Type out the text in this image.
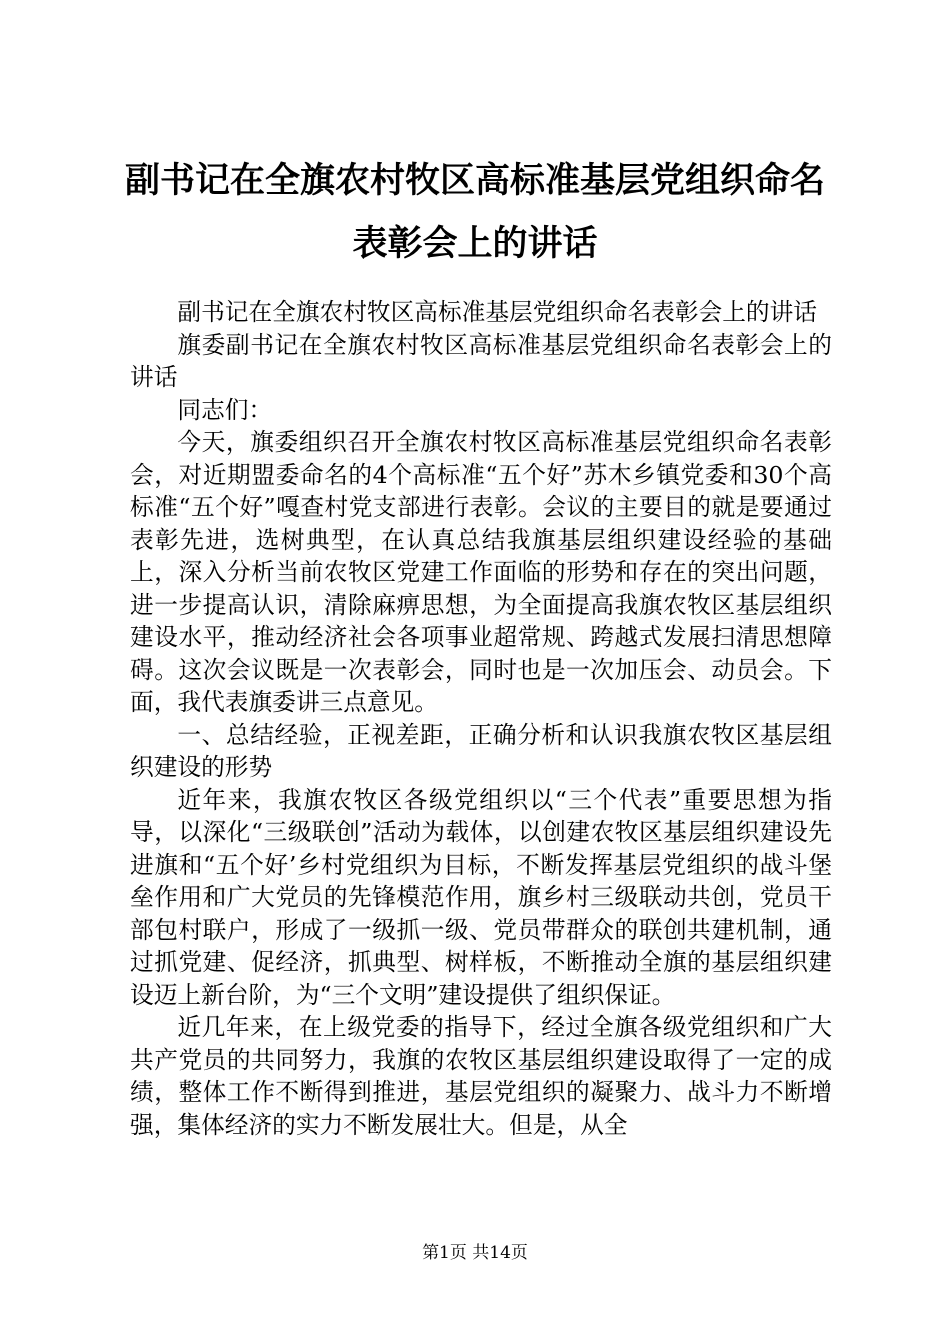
副书记在全旗农村牧区高标准基层党组织命名
表彰会上的讲话

副书记在全旗农村牧区高标准基层党组织命名表彰会上的讲话

旗委副书记在全旗农村牧区高标准基层党组织命名表彰会上的讲话

同志们：

今天，旗委组织召开全旗农村牧区高标准基层党组织命名表彰会，对近期盟委命名的4个高标准“五个好”苏木乡镇党委和30个高标准“五个好”嘎查村党支部进行表彰。会议的主要目的就是要通过表彰先进，选树典型，在认真总结我旗基层组织建设经验的基础上，深入分析当前农牧区党建工作面临的形势和存在的突出问题，进一步提高认识，清除麻痹思想，为全面提高我旗农牧区基层组织建设水平，推动经济社会各项事业超常规、跨越式发展扫清思想障碍。这次会议既是一次表彰会，同时也是一次加压会、动员会。下面，我代表旗委讲三点意见。

一、总结经验，正视差距，正确分析和认识我旗农牧区基层组织建设的形势

近年来，我旗农牧区各级党组织以“三个代表”重要思想为指导，以深化“三级联创”活动为载体，以创建农牧区基层组织建设先进旗和“五个好’乡村党组织为目标，不断发挥基层党组织的战斗堡垒作用和广大党员的先锋模范作用，旗乡村三级联动共创，党员干部包村联户，形成了一级抓一级、党员带群众的联创共建机制，通过抓党建、促经济，抓典型、树样板，不断推动全旗的基层组织建设迈上新台阶，为“三个文明”建设提供了组织保证。

近几年来，在上级党委的指导下，经过全旗各级党组织和广大共产党员的共同努力，我旗的农牧区基层组织建设取得了一定的成绩，整体工作不断得到推进，基层党组织的凝聚力、战斗力不断增强，集体经济的实力不断发展壮大。但是，从全

第1页 共14页
